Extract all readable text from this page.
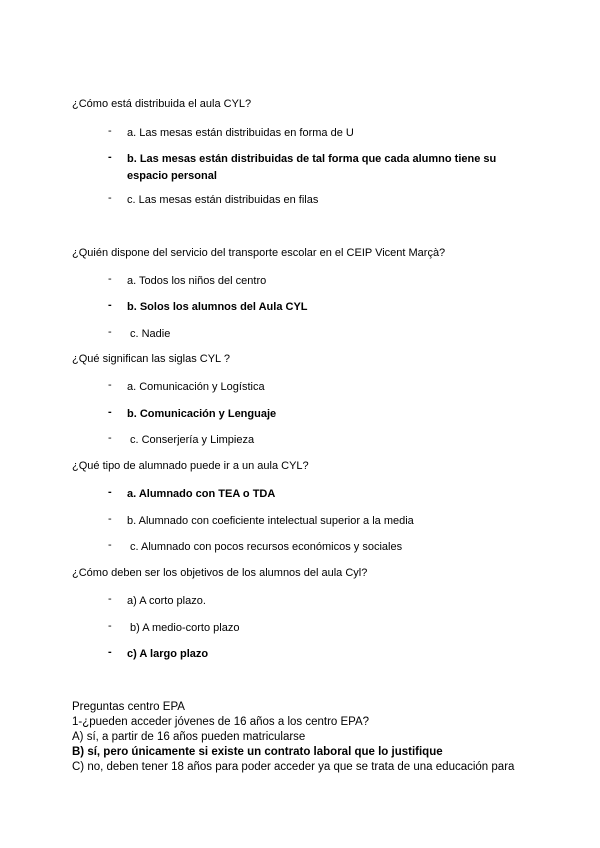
¿Cómo está distribuida el aula CYL?
- a. Las mesas están distribuidas en forma de U
- b. Las mesas están distribuidas de tal forma que cada alumno tiene su espacio personal
- c. Las mesas están distribuidas en filas
¿Quién dispone del servicio del transporte escolar en el CEIP Vicent Marçà?
- a. Todos los niños del centro
- b. Solos los alumnos del Aula CYL
- c. Nadie
¿Qué significan las siglas CYL ?
- a. Comunicación y Logística
- b. Comunicación y Lenguaje
- c. Conserjería y Limpieza
¿Qué tipo de alumnado puede ir a un aula CYL?
- a. Alumnado con TEA o TDA
- b. Alumnado con coeficiente intelectual superior a la media
- c. Alumnado con pocos recursos económicos y sociales
¿Cómo deben ser los objetivos de los alumnos del aula Cyl?
- a) A corto plazo.
- b) A medio-corto plazo
- c) A largo plazo
Preguntas centro EPA
1-¿pueden acceder jóvenes de 16 años a los centro EPA?
A) sí, a partir de 16 años pueden matricularse
B) sí, pero únicamente si existe un contrato laboral que lo justifique
C) no, deben tener 18 años para poder acceder ya que se trata de una educación para
